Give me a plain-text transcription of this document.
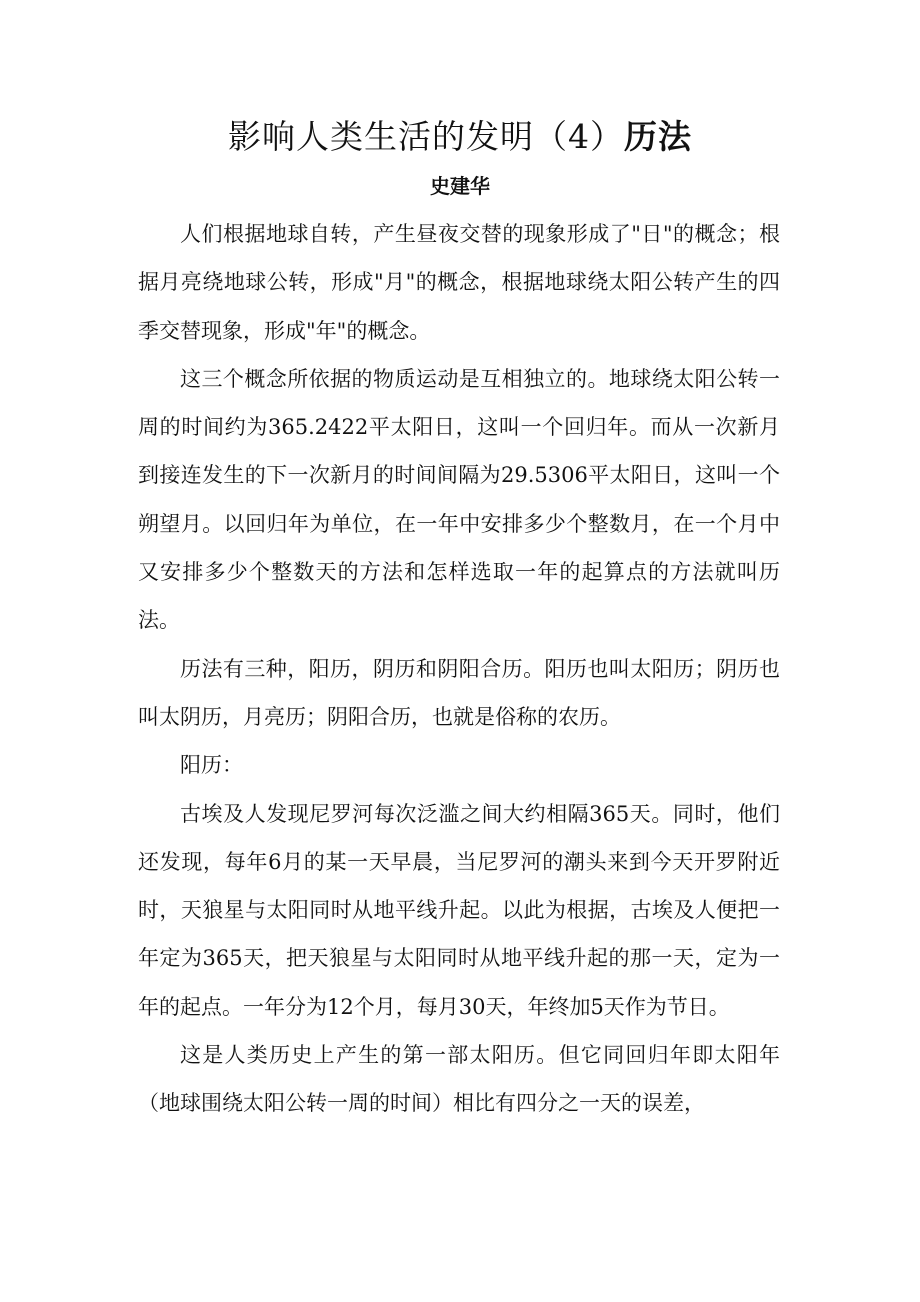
影响人类生活的发明（4）历法
史建华

人们根据地球自转，产生昼夜交替的现象形成了"日"的概念；根据月亮绕地球公转，形成"月"的概念，根据地球绕太阳公转产生的四季交替现象，形成"年"的概念。

这三个概念所依据的物质运动是互相独立的。地球绕太阳公转一周的时间约为365.2422平太阳日，这叫一个回归年。而从一次新月到接连发生的下一次新月的时间间隔为29.5306平太阳日，这叫一个朔望月。以回归年为单位，在一年中安排多少个整数月，在一个月中又安排多少个整数天的方法和怎样选取一年的起算点的方法就叫历法。

历法有三种，阳历，阴历和阴阳合历。阳历也叫太阳历；阴历也叫太阴历，月亮历；阴阳合历，也就是俗称的农历。

阳历：

古埃及人发现尼罗河每次泛滥之间大约相隔365天。同时，他们还发现，每年6月的某一天早晨，当尼罗河的潮头来到今天开罗附近时，天狼星与太阳同时从地平线升起。以此为根据，古埃及人便把一年定为365天，把天狼星与太阳同时从地平线升起的那一天，定为一年的起点。一年分为12个月，每月30天，年终加5天作为节日。

这是人类历史上产生的第一部太阳历。但它同回归年即太阳年（地球围绕太阳公转一周的时间）相比有四分之一天的误差，
